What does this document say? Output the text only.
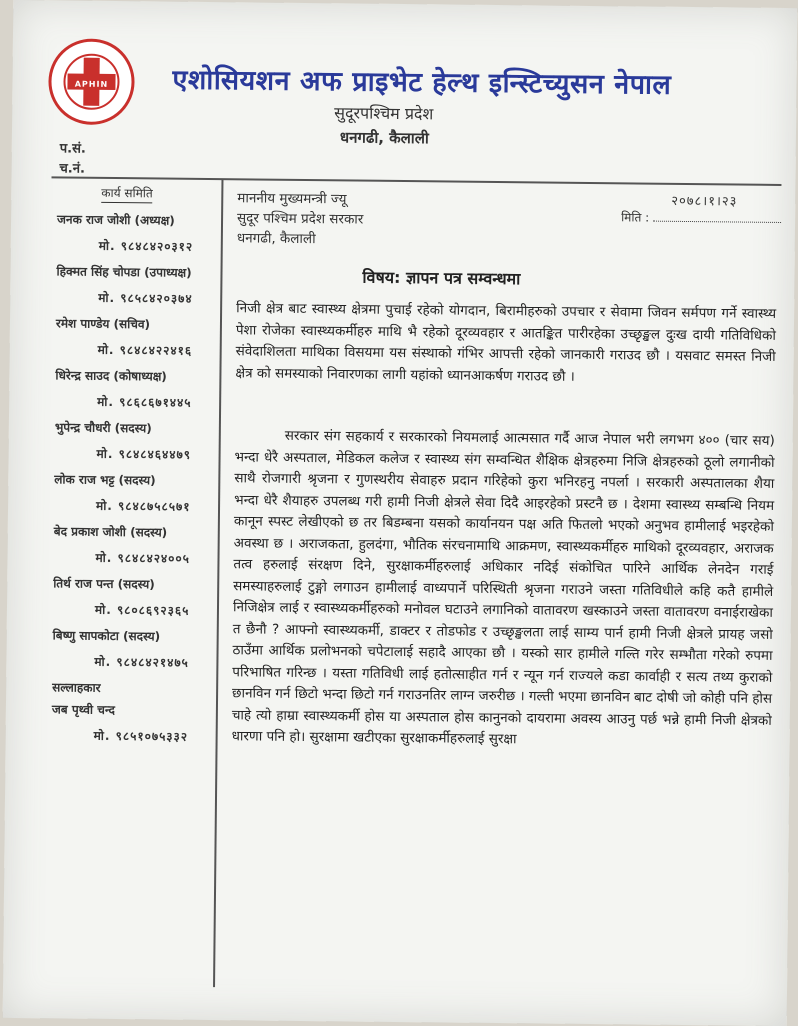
APHIN	एशोसियशन अफ प्राइभेट हेल्थ इन्स्टिच्युसन नेपाल
सुदूरपश्चिम प्रदेश
धनगढी, कैलाली
प.सं.
च.नं.
कार्य समिति
जनक राज जोशी (अध्यक्ष)
मो. ९८४८४२०३१२
हिक्मत सिंह चोपडा (उपाध्यक्ष)
मो. ९८५८४२०३७४
रमेश पाण्डेय (सचिव)
मो. ९८४८४२२४१६
धिरेन्द्र साउद (कोषाध्यक्ष)
मो. ९८६८६७१४४५
भुपेन्द्र चौधरी (सदस्य)
मो. ९८४८४६४४७९
लोक राज भट्ट (सदस्य)
मो. ९८४८७५८५७१
बेद प्रकाश जोशी (सदस्य)
मो. ९८४८४२४००५
तिर्थ राज पन्त (सदस्य)
मो. ९८०८६९२३६५
बिष्णु सापकोटा (सदस्य)
मो. ९८४८४२१४७५
सल्लाहकार
जब पृथ्वी चन्द
मो. ९८५१०७५३३२
माननीय मुख्यमन्त्री ज्यू
सुदूर पश्चिम प्रदेश सरकार
धनगढी, कैलाली
२०७८।१।२३
मिति :
विषय: ज्ञापन पत्र सम्वन्धमा
निजी क्षेत्र बाट स्वास्थ्य क्षेत्रमा पुचाई रहेको योगदान, बिरामीहरुको उपचार र सेवामा जिवन सर्मपण गर्ने स्वास्थ्य पेशा रोजेका स्वास्थ्यकर्मीहरु माथि भै रहेको दूरव्यवहार र आतङ्कित पारीरहेका उच्छृङ्खल दुःख दायी गतिविधिको संवेदाशिलता माथिका विसयमा यस संस्थाको गंभिर आपत्ती रहेको जानकारी गराउद छौ । यसवाट समस्त निजी क्षेत्र को समस्याको निवारणका लागी यहांको ध्यानआकर्षण गराउद छौ ।
सरकार संग सहकार्य र सरकारको नियमलाई आत्मसात गर्दै आज नेपाल भरी लगभग ४०० (चार सय) भन्दा धेरै अस्पताल, मेडिकल कलेज र स्वास्थ्य संग सम्वन्धित शैक्षिक क्षेत्रहरुमा निजि क्षेत्रहरुको ठूलो लगानीको साथै रोजगारी श्रृजना र गुणस्थरीय सेवाहरु प्रदान गरिहेको कुरा भनिरहनु नपर्ला । सरकारी अस्पतालका शैया भन्दा धेरै शैयाहरु उपलब्ध गरी हामी निजी क्षेत्रले सेवा दिदै आइरहेको प्रस्टनै छ । देशमा स्वास्थ्य सम्बन्धि नियम कानून स्पस्ट लेखीएको छ तर बिडम्बना यसको कार्यानयन पक्ष अति फितलो भएको अनुभव हामीलाई भइरहेको अवस्था छ । अराजकता, हुलदंगा, भौतिक संरचनामाथि आक्रमण, स्वास्थ्यकर्मीहरु माथिको दूरव्यवहार, अराजक तत्व हरुलाई संरक्षण दिने, सुरक्षाकर्मीहरुलाई अधिकार नदिई संकोचित पारिने आर्थिक लेनदेन गराई समस्याहरुलाई टुङ्गो लगाउन हामीलाई वाध्यपार्ने परिस्थिती श्रृजना गराउने जस्ता गतिविधीले कहि कतै हामीले निजिक्षेत्र लाई र स्वास्थ्यकर्मीहरुको मनोवल घटाउने लगानिको वातावरण खस्काउने जस्ता वातावरण वनाईराखेका त छैनौ ? आफ्नो स्वास्थ्यकर्मी, डाक्टर र तोडफोड र उच्छृङ्खलता लाई साम्य पार्न हामी निजी क्षेत्रले प्रायह जसो ठाउँमा आर्थिक प्रलोभनको चपेटालाई सहादै आएका छौ । यस्को सार हामीले गल्ति गरेर सम्भौता गरेको रुपमा परिभाषित गरिन्छ । यस्ता गतिविधी लाई हतोत्साहीत गर्न र न्यून गर्न राज्यले कडा कार्वाही र सत्य तथ्य कुराको छानविन गर्न छिटो भन्दा छिटो गर्न गराउनतिर लाग्न जरुरीछ । गल्ती भएमा छानविन बाट दोषी जो कोही पनि होस चाहे त्यो हाम्रा स्वास्थ्यकर्मी होस या अस्पताल होस कानुनको दायरामा अवस्य आउनु पर्छ भन्ने हामी निजी क्षेत्रको धारणा पनि हो। सुरक्षामा खटीएका सुरक्षाकर्मीहरुलाई सुरक्षा
